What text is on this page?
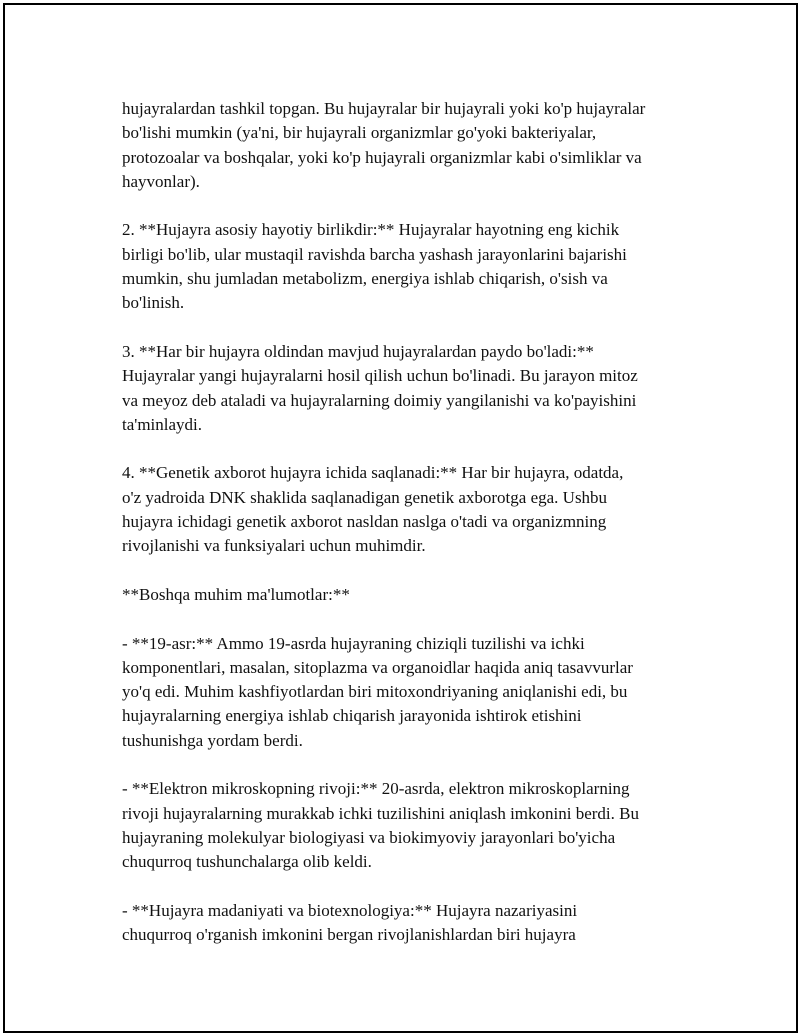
hujayralardan tashkil topgan. Bu hujayralar bir hujayrali yoki ko'p hujayralar
bo'lishi mumkin (ya'ni, bir hujayrali organizmlar go'yoki bakteriyalar,
protozoalar va boshqalar, yoki ko'p hujayrali organizmlar kabi o'simliklar va
hayvonlar).

2. **Hujayra asosiy hayotiy birlikdir:** Hujayralar hayotning eng kichik
birligi bo'lib, ular mustaqil ravishda barcha yashash jarayonlarini bajarishi
mumkin, shu jumladan metabolizm, energiya ishlab chiqarish, o'sish va
bo'linish.

3. **Har bir hujayra oldindan mavjud hujayralardan paydo bo'ladi:**
Hujayralar yangi hujayralarni hosil qilish uchun bo'linadi. Bu jarayon mitoz
va meyoz deb ataladi va hujayralarning doimiy yangilanishi va ko'payishini
ta'minlaydi.

4. **Genetik axborot hujayra ichida saqlanadi:** Har bir hujayra, odatda,
o'z yadroida DNK shaklida saqlanadigan genetik axborotga ega. Ushbu
hujayra ichidagi genetik axborot nasldan naslga o'tadi va organizmning
rivojlanishi va funksiyalari uchun muhimdir.

**Boshqa muhim ma'lumotlar:**

- **19-asr:** Ammo 19-asrda hujayraning chiziqli tuzilishi va ichki
komponentlari, masalan, sitoplazma va organoidlar haqida aniq tasavvurlar
yo'q edi. Muhim kashfiyotlardan biri mitoxondriyaning aniqlanishi edi, bu
hujayralarning energiya ishlab chiqarish jarayonida ishtirok etishini
tushunishga yordam berdi.

- **Elektron mikroskopning rivoji:** 20-asrda, elektron mikroskoplarning
rivoji hujayralarning murakkab ichki tuzilishini aniqlash imkonini berdi. Bu
hujayraning molekulyar biologiyasi va biokimyoviy jarayonlari bo'yicha
chuqurroq tushunchalarga olib keldi.

- **Hujayra madaniyati va biotexnologiya:** Hujayra nazariyasini
chuqurroq o'rganish imkonini bergan rivojlanishlardan biri hujayra
